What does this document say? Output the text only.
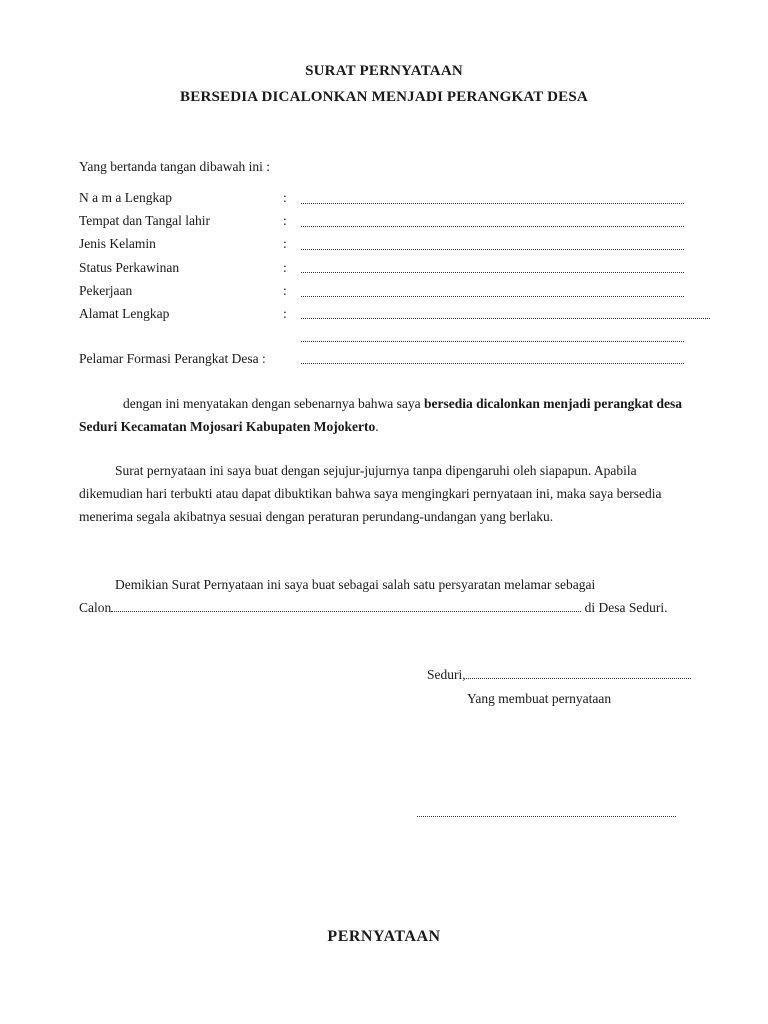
SURAT PERNYATAAN
BERSEDIA DICALONKAN MENJADI PERANGKAT DESA
Yang bertanda tangan dibawah ini :
N a m a Lengkap	:
Tempat dan Tangal lahir	:
Jenis Kelamin	:
Status Perkawinan	:
Pekerjaan	:
Alamat Lengkap	:
Pelamar Formasi Perangkat Desa :
dengan ini menyatakan dengan sebenarnya bahwa saya bersedia dicalonkan menjadi perangkat desa Seduri Kecamatan Mojosari Kabupaten Mojokerto.
Surat pernyataan ini saya buat dengan sejujur-jujurnya tanpa dipengaruhi oleh siapapun. Apabila dikemudian hari terbukti atau dapat dibuktikan bahwa saya mengingkari pernyataan ini, maka saya bersedia menerima segala akibatnya sesuai dengan peraturan perundang-undangan yang berlaku.
Demikian Surat Pernyataan ini saya buat sebagai salah satu persyaratan melamar sebagai
Calon	di Desa Seduri.
Seduri,
Yang membuat pernyataan
PERNYATAAN
